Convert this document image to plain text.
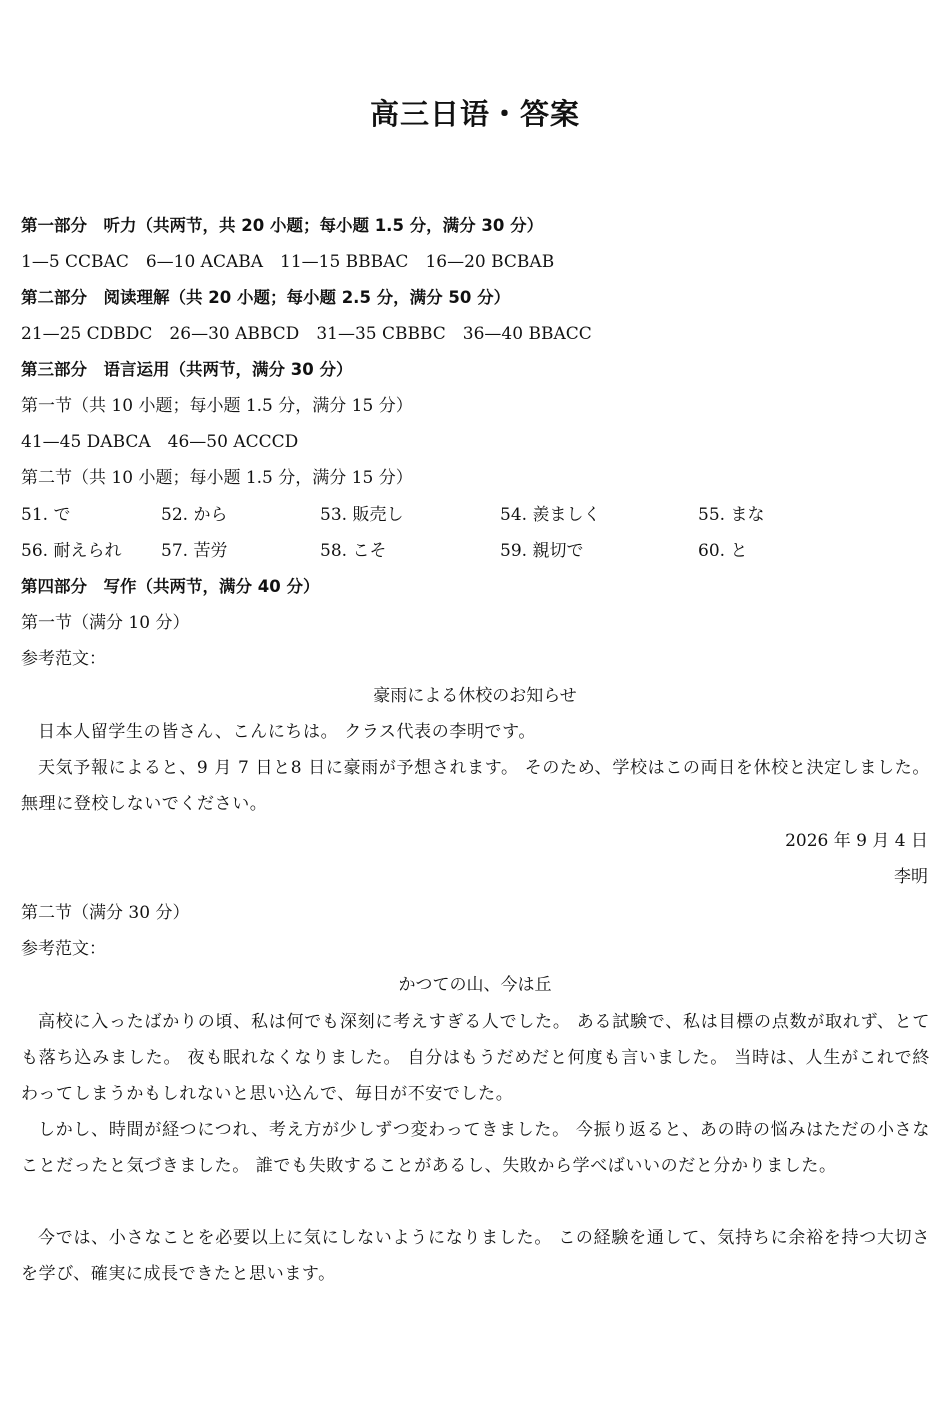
高三日语・答案
第一部分　听力（共两节，共 20 小题；每小题 1.5 分，满分 30 分）
1—5 CCBAC　6—10 ACABA　11—15 BBBAC　16—20 BCBAB
第二部分　阅读理解（共 20 小题；每小题 2.5 分，满分 50 分）
21—25 CDBDC　26—30 ABBCD　31—35 CBBBC　36—40 BBACC
第三部分　语言运用（共两节，满分 30 分）
第一节（共 10 小题；每小题 1.5 分，满分 15 分）
41—45 DABCA　46—50 ACCCD
第二节（共 10 小题；每小题 1.5 分，满分 15 分）
51. で	52. から	53. 販売し	54. 羨ましく	55. まな
56. 耐えられ 57. 苦労	58. こそ	59. 親切で	60. と
第四部分　写作（共两节，满分 40 分）
第一节（满分 10 分）
参考范文：
豪雨による休校のお知らせ
日本人留学生の皆さん、こんにちは。 クラス代表の李明です。
天気予報によると、9 月 7 日と8 日に豪雨が予想されます。 そのため、学校はこの両日を休校と決定しました。 無理に登校しないでください。
2026 年 9 月 4 日
李明
第二节（满分 30 分）
参考范文：
かつての山、今は丘
高校に入ったばかりの頃、私は何でも深刻に考えすぎる人でした。 ある試験で、私は目標の点数が取れず、とても落ち込みました。 夜も眠れなくなりました。 自分はもうだめだと何度も言いました。 当時は、人生がこれで終わってしまうかもしれないと思い込んで、毎日が不安でした。
しかし、時間が経つにつれ、考え方が少しずつ変わってきました。 今振り返ると、あの時の悩みはただの小さなことだったと気づきました。 誰でも失敗することがあるし、失敗から学べばいいのだと分かりました。
今では、小さなことを必要以上に気にしないようになりました。 この経験を通して、気持ちに余裕を持つ大切さを学び、確実に成長できたと思います。
